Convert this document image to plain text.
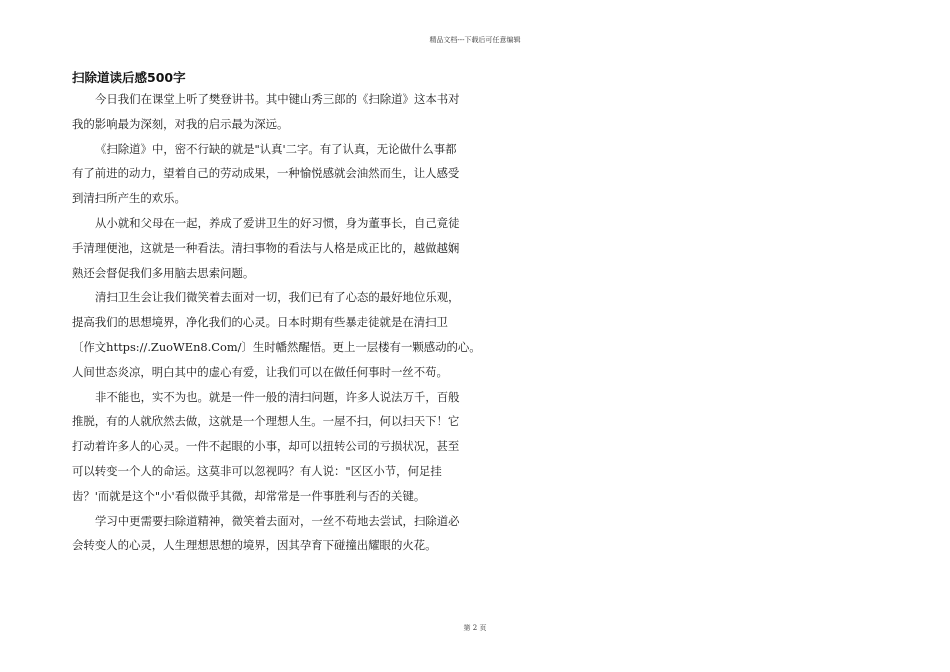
精品文档---下载后可任意编辑
扫除道读后感500字
今日我们在课堂上听了樊登讲书。其中键山秀三郎的《扫除道》这本书对
我的影响最为深刻，对我的启示最为深远。
《扫除道》中，密不行缺的就是"认真'二字。有了认真，无论做什么事都
有了前进的动力，望着自己的劳动成果，一种愉悦感就会油然而生，让人感受
到清扫所产生的欢乐。
从小就和父母在一起，养成了爱讲卫生的好习惯，身为董事长，自己竟徒
手清理便池，这就是一种看法。清扫事物的看法与人格是成正比的，越做越娴
熟还会督促我们多用脑去思索问题。
清扫卫生会让我们微笑着去面对一切，我们已有了心态的最好地位乐观，
提高我们的思想境界，净化我们的心灵。日本时期有些暴走徒就是在清扫卫
〔作文https://.ZuoWEn8.Com/〕生时幡然醒悟。更上一层楼有一颗感动的心。
人间世态炎凉，明白其中的虚心有爱，让我们可以在做任何事时一丝不苟。
非不能也，实不为也。就是一件一般的清扫问题，许多人说法万千，百般
推脱，有的人就欣然去做，这就是一个理想人生。一屋不扫，何以扫天下！它
打动着许多人的心灵。一件不起眼的小事，却可以扭转公司的亏损状况，甚至
可以转变一个人的命运。这莫非可以忽视吗？有人说："区区小节，何足挂
齿？'而就是这个"小'看似微乎其微，却常常是一件事胜利与否的关键。
学习中更需要扫除道精神，微笑着去面对，一丝不苟地去尝试，扫除道必
会转变人的心灵，人生理想思想的境界，因其孕育下碰撞出耀眼的火花。
第 2 页
